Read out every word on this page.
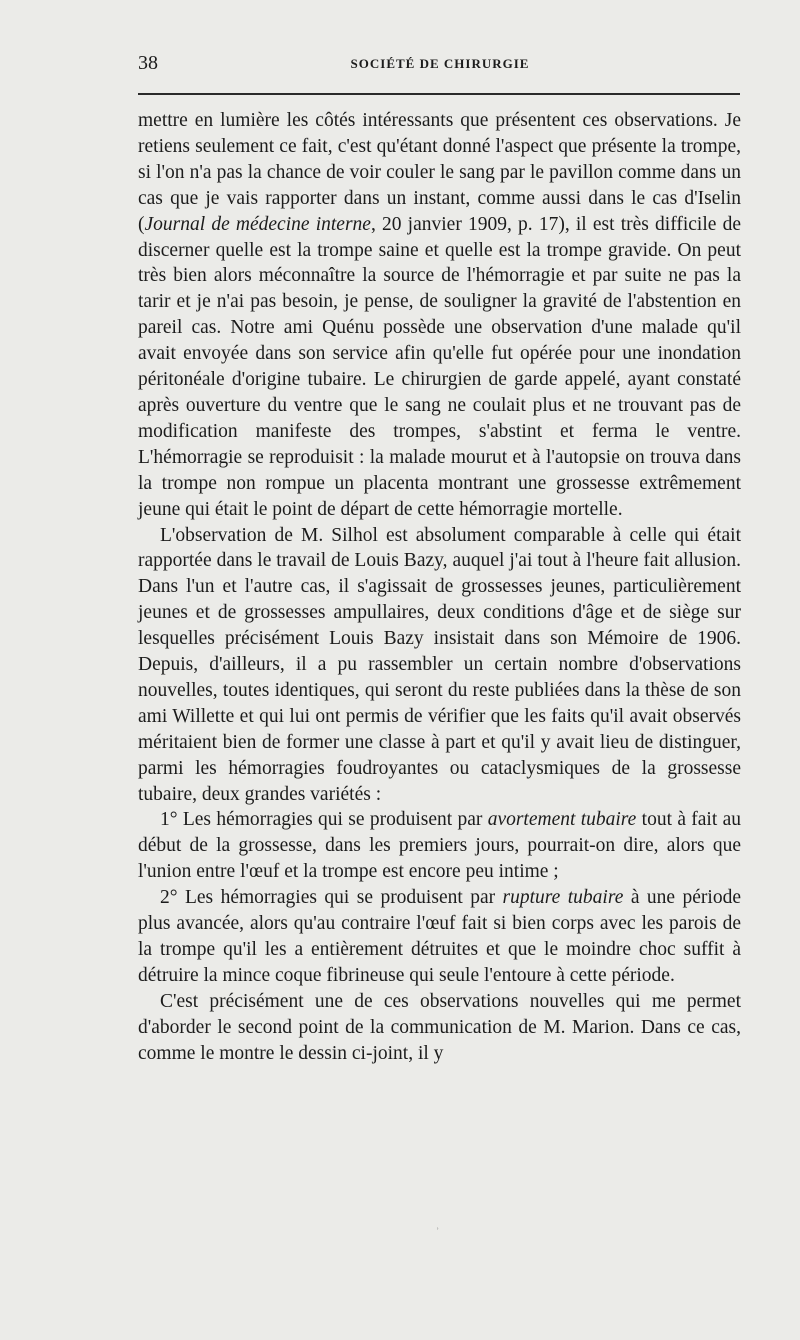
38	SOCIÉTÉ DE CHIRURGIE

mettre en lumière les côtés intéressants que présentent ces observations. Je retiens seulement ce fait, c'est qu'étant donné l'aspect que présente la trompe, si l'on n'a pas la chance de voir couler le sang par le pavillon comme dans un cas que je vais rapporter dans un instant, comme aussi dans le cas d'Iselin (Journal de médecine interne, 20 janvier 1909, p. 17), il est très difficile de discerner quelle est la trompe saine et quelle est la trompe gravide. On peut très bien alors méconnaître la source de l'hémorragie et par suite ne pas la tarir et je n'ai pas besoin, je pense, de souligner la gravité de l'abstention en pareil cas. Notre ami Quénu possède une observation d'une malade qu'il avait envoyée dans son service afin qu'elle fut opérée pour une inondation péritonéale d'origine tubaire. Le chirurgien de garde appelé, ayant constaté après ouverture du ventre que le sang ne coulait plus et ne trouvant pas de modification manifeste des trompes, s'abstint et ferma le ventre. L'hémorragie se reproduisit : la malade mourut et à l'autopsie on trouva dans la trompe non rompue un placenta montrant une grossesse extrêmement jeune qui était le point de départ de cette hémorragie mortelle.

L'observation de M. Silhol est absolument comparable à celle qui était rapportée dans le travail de Louis Bazy, auquel j'ai tout à l'heure fait allusion. Dans l'un et l'autre cas, il s'agissait de grossesses jeunes, particulièrement jeunes et de grossesses ampullaires, deux conditions d'âge et de siège sur lesquelles précisément Louis Bazy insistait dans son Mémoire de 1906. Depuis, d'ailleurs, il a pu rassembler un certain nombre d'observations nouvelles, toutes identiques, qui seront du reste publiées dans la thèse de son ami Willette et qui lui ont permis de vérifier que les faits qu'il avait observés méritaient bien de former une classe à part et qu'il y avait lieu de distinguer, parmi les hémorragies foudroyantes ou cataclysmiques de la grossesse tubaire, deux grandes variétés :

1° Les hémorragies qui se produisent par avortement tubaire tout à fait au début de la grossesse, dans les premiers jours, pourrait-on dire, alors que l'union entre l'œuf et la trompe est encore peu intime ;

2° Les hémorragies qui se produisent par rupture tubaire à une période plus avancée, alors qu'au contraire l'œuf fait si bien corps avec les parois de la trompe qu'il les a entièrement détruites et que le moindre choc suffit à détruire la mince coque fibrineuse qui seule l'entoure à cette période.

C'est précisément une de ces observations nouvelles qui me permet d'aborder le second point de la communication de M. Marion. Dans ce cas, comme le montre le dessin ci-joint, il y

˒
